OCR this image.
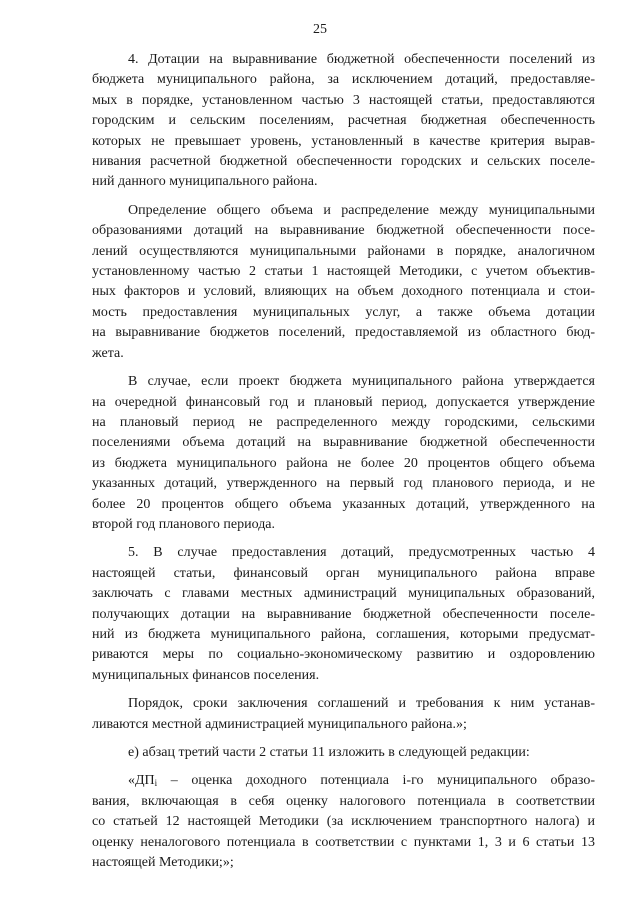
25

4. Дотации на выравнивание бюджетной обеспеченности поселений из
бюджета муниципального района, за исключением дотаций, предоставляе-
мых в порядке, установленном частью 3 настоящей статьи, предоставляются
городским и сельским поселениям, расчетная бюджетная обеспеченность
которых не превышает уровень, установленный в качестве критерия вырав-
нивания расчетной бюджетной обеспеченности городских и сельских поселе-
ний данного муниципального района.

Определение общего объема и распределение между муниципальными
образованиями дотаций на выравнивание бюджетной обеспеченности посе-
лений осуществляются муниципальными районами в порядке, аналогичном
установленному частью 2 статьи 1 настоящей Методики, с учетом объектив-
ных факторов и условий, влияющих на объем доходного потенциала и стои-
мость предоставления муниципальных услуг, а также объема дотации
на выравнивание бюджетов поселений, предоставляемой из областного бюд-
жета.

В случае, если проект бюджета муниципального района утверждается
на очередной финансовый год и плановый период, допускается утверждение
на плановый период не распределенного между городскими, сельскими
поселениями объема дотаций на выравнивание бюджетной обеспеченности
из бюджета муниципального района не более 20 процентов общего объема
указанных дотаций, утвержденного на первый год планового периода, и не
более 20 процентов общего объема указанных дотаций, утвержденного на
второй год планового периода.

5. В случае предоставления дотаций, предусмотренных частью 4
настоящей статьи, финансовый орган муниципального района вправе
заключать с главами местных администраций муниципальных образований,
получающих дотации на выравнивание бюджетной обеспеченности поселе-
ний из бюджета муниципального района, соглашения, которыми предусмат-
риваются меры по социально-экономическому развитию и оздоровлению
муниципальных финансов поселения.

Порядок, сроки заключения соглашений и требования к ним устанав-
ливаются местной администрацией муниципального района.»;

е) абзац третий части 2 статьи 11 изложить в следующей редакции:

«$ДП_i$ – оценка доходного потенциала i-го муниципального образо-
вания, включающая в себя оценку налогового потенциала в соответствии
со статьей 12 настоящей Методики (за исключением транспортного налога) и
оценку неналогового потенциала в соответствии с пунктами 1, 3 и 6 статьи 13
настоящей Методики;»;
